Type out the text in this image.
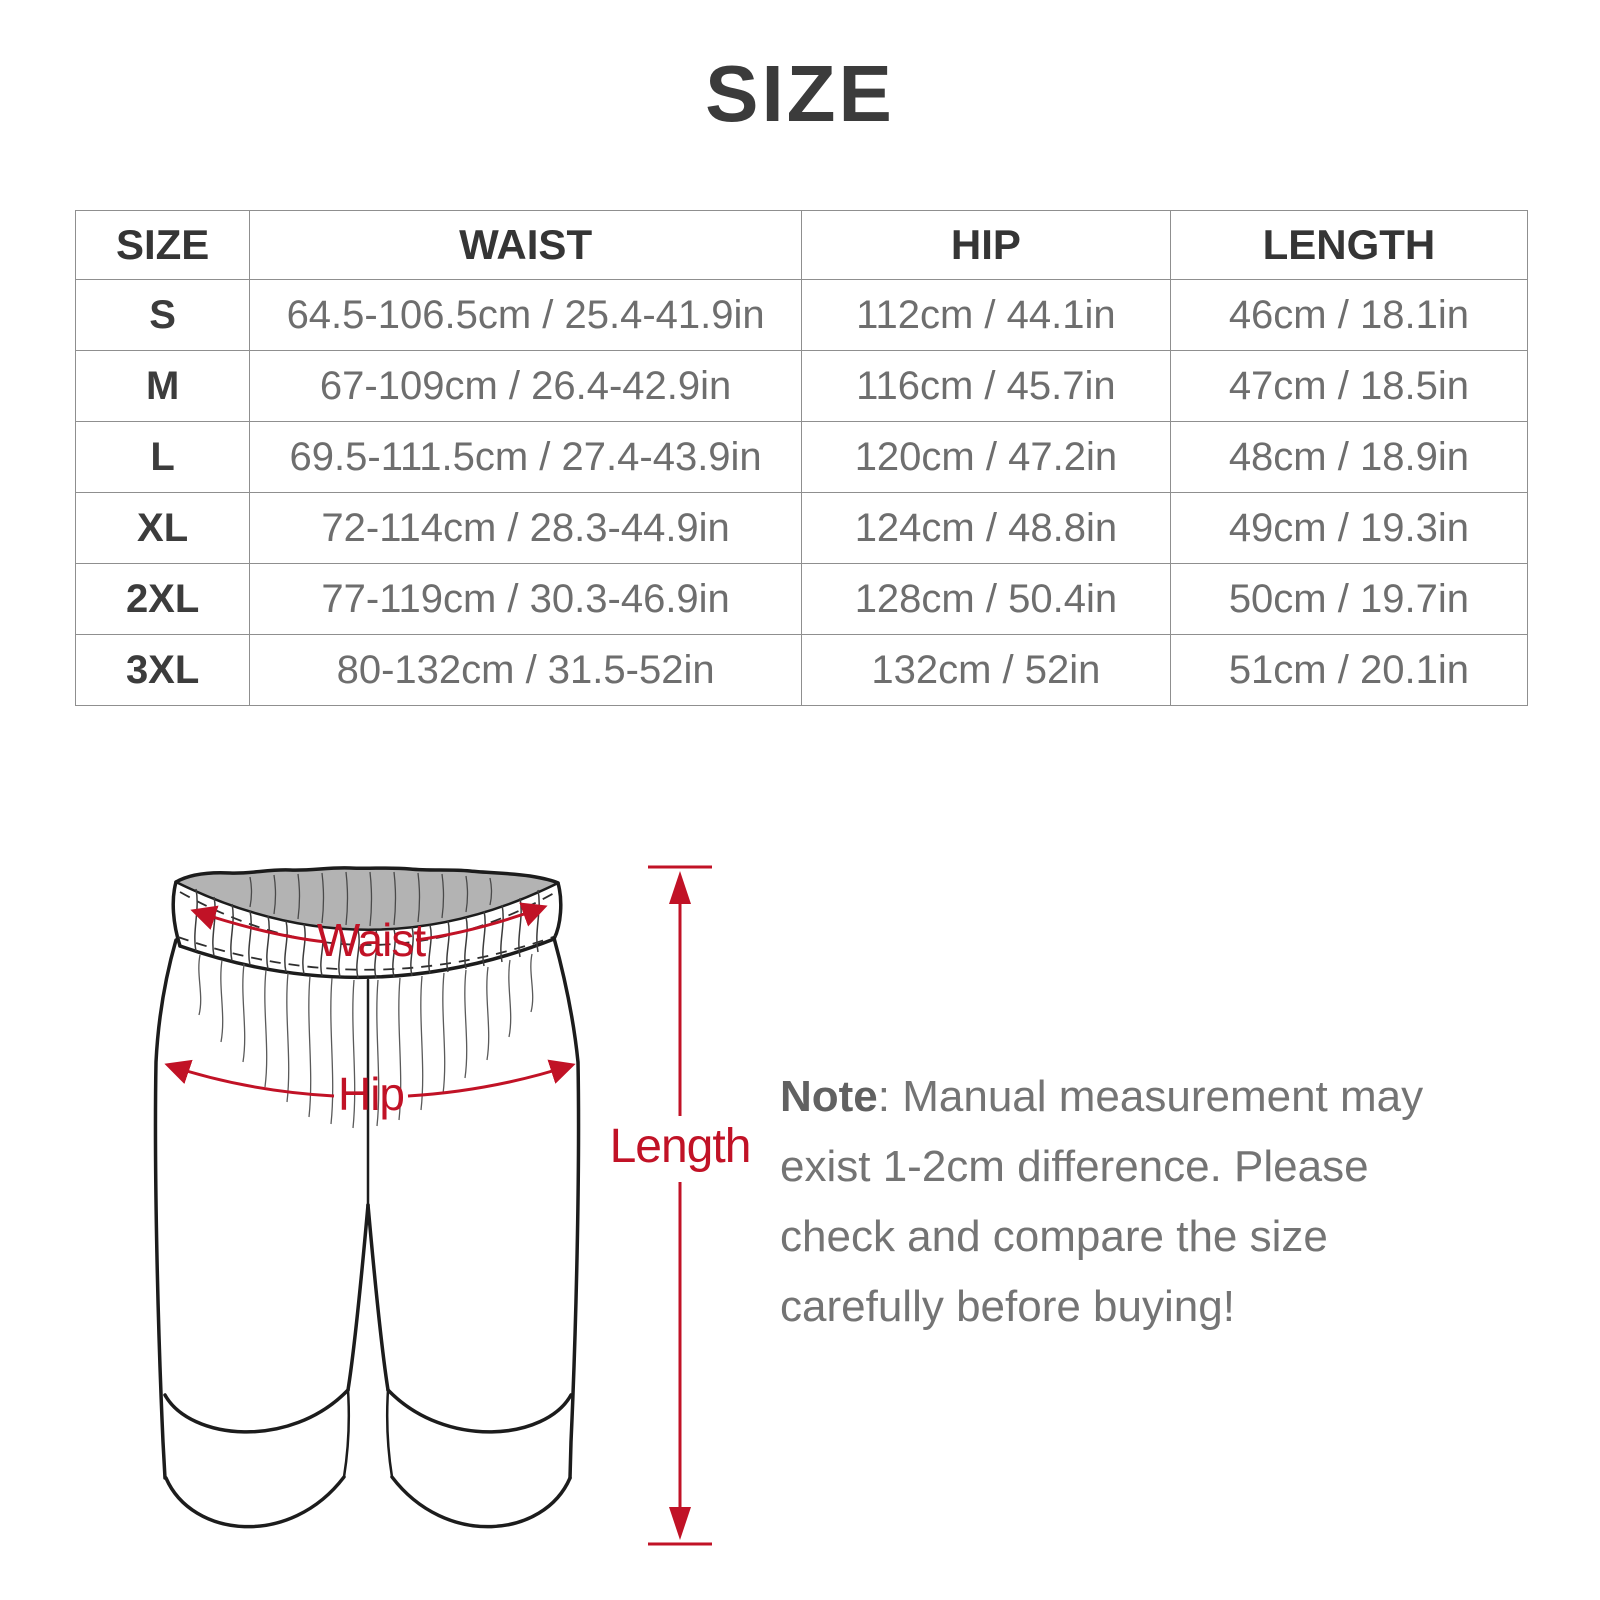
SIZE
SIZE	WAIST	HIP	LENGTH
S	64.5-106.5cm / 25.4-41.9in	112cm / 44.1in	46cm / 18.1in
M	67-109cm / 26.4-42.9in	116cm / 45.7in	47cm / 18.5in
L	69.5-111.5cm / 27.4-43.9in	120cm / 47.2in	48cm / 18.9in
XL	72-114cm / 28.3-44.9in	124cm / 48.8in	49cm / 19.3in
2XL	77-119cm / 30.3-46.9in	128cm / 50.4in	50cm / 19.7in
3XL	80-132cm / 31.5-52in	132cm / 52in	51cm / 20.1in
Waist
Hip
Length

Note: Manual measurement may exist 1-2cm difference. Please check and compare the size carefully before buying!
